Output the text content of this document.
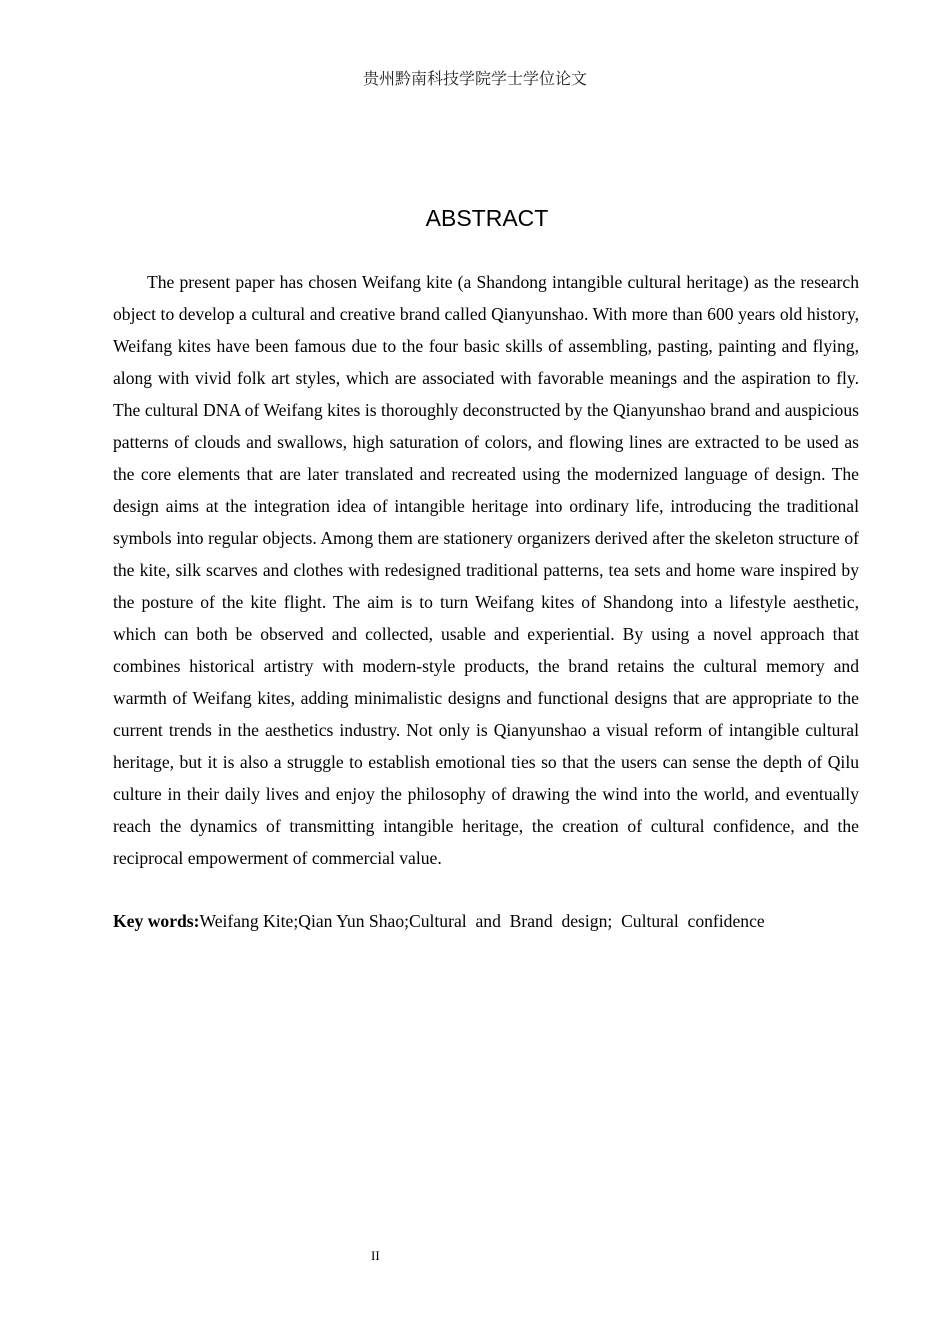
贵州黔南科技学院学士学位论文
ABSTRACT

The present paper has chosen Weifang kite (a Shandong intangible cultural heritage) as the research object to develop a cultural and creative brand called Qianyunshao. With more than 600 years old history, Weifang kites have been famous due to the four basic skills of assembling, pasting, painting and flying, along with vivid folk art styles, which are associated with favorable meanings and the aspiration to fly. The cultural DNA of Weifang kites is thoroughly deconstructed by the Qianyunshao brand and auspicious patterns of clouds and swallows, high saturation of colors, and flowing lines are extracted to be used as the core elements that are later translated and recreated using the modernized language of design. The design aims at the integration idea of intangible heritage into ordinary life, introducing the traditional symbols into regular objects. Among them are stationery organizers derived after the skeleton structure of the kite, silk scarves and clothes with redesigned traditional patterns, tea sets and home ware inspired by the posture of the kite flight. The aim is to turn Weifang kites of Shandong into a lifestyle aesthetic, which can both be observed and collected, usable and experiential. By using a novel approach that combines historical artistry with modern-style products, the brand retains the cultural memory and warmth of Weifang kites, adding minimalistic designs and functional designs that are appropriate to the current trends in the aesthetics industry. Not only is Qianyunshao a visual reform of intangible cultural heritage, but it is also a struggle to establish emotional ties so that the users can sense the depth of Qilu culture in their daily lives and enjoy the philosophy of drawing the wind into the world, and eventually reach the dynamics of transmitting intangible heritage, the creation of cultural confidence, and the reciprocal empowerment of commercial value.

Key words:Weifang Kite;Qian Yun Shao;Cultural  and  Brand  design;  Cultural  confidence

II
